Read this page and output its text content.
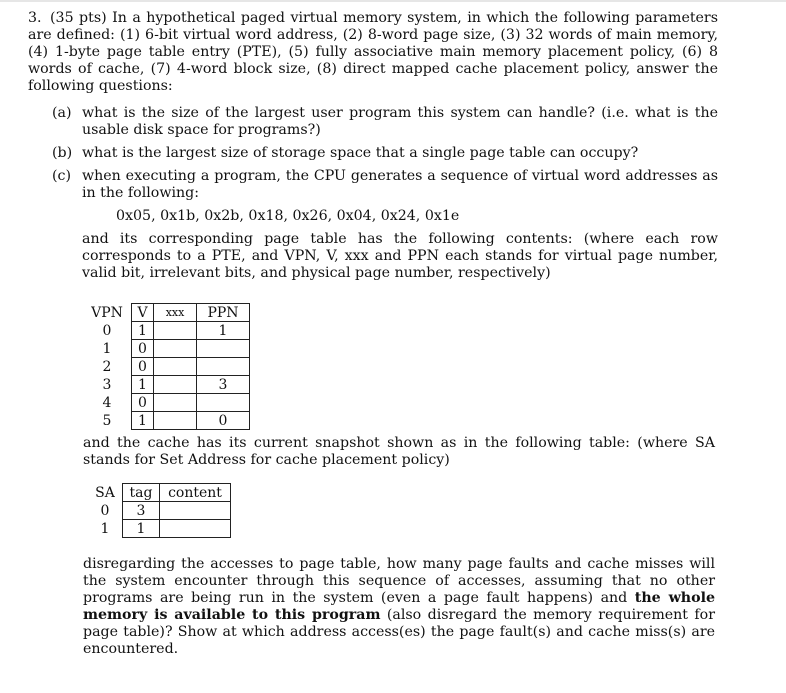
3. (35 pts) In a hypothetical paged virtual memory system, in which the following parameters are defined: (1) 6-bit virtual word address, (2) 8-word page size, (3) 32 words of main memory, (4) 1-byte page table entry (PTE), (5) fully associative main memory placement policy, (6) 8 words of cache, (7) 4-word block size, (8) direct mapped cache placement policy, answer the following questions:

(a) what is the size of the largest user program this system can handle? (i.e. what is the usable disk space for programs?)
(b) what is the largest size of storage space that a single page table can occupy?
(c) when executing a program, the CPU generates a sequence of virtual word addresses as in the following:
0x05, 0x1b, 0x2b, 0x18, 0x26, 0x04, 0x24, 0x1e
and its corresponding page table has the following contents: (where each row corresponds to a PTE, and VPN, V, xxx and PPN each stands for virtual page number, valid bit, irrelevant bits, and physical page number, respectively)
VPN	V	xxx	PPN
0	1		1
1	0		
2	0		
3	1		3
4	0		
5	1		0
and the cache has its current snapshot shown as in the following table: (where SA stands for Set Address for cache placement policy)
SA	tag	content
0	3	
1	1	
disregarding the accesses to page table, how many page faults and cache misses will the system encounter through this sequence of accesses, assuming that no other programs are being run in the system (even a page fault happens) and the whole memory is available to this program (also disregard the memory requirement for page table)? Show at which address access(es) the page fault(s) and cache miss(s) are encountered.
